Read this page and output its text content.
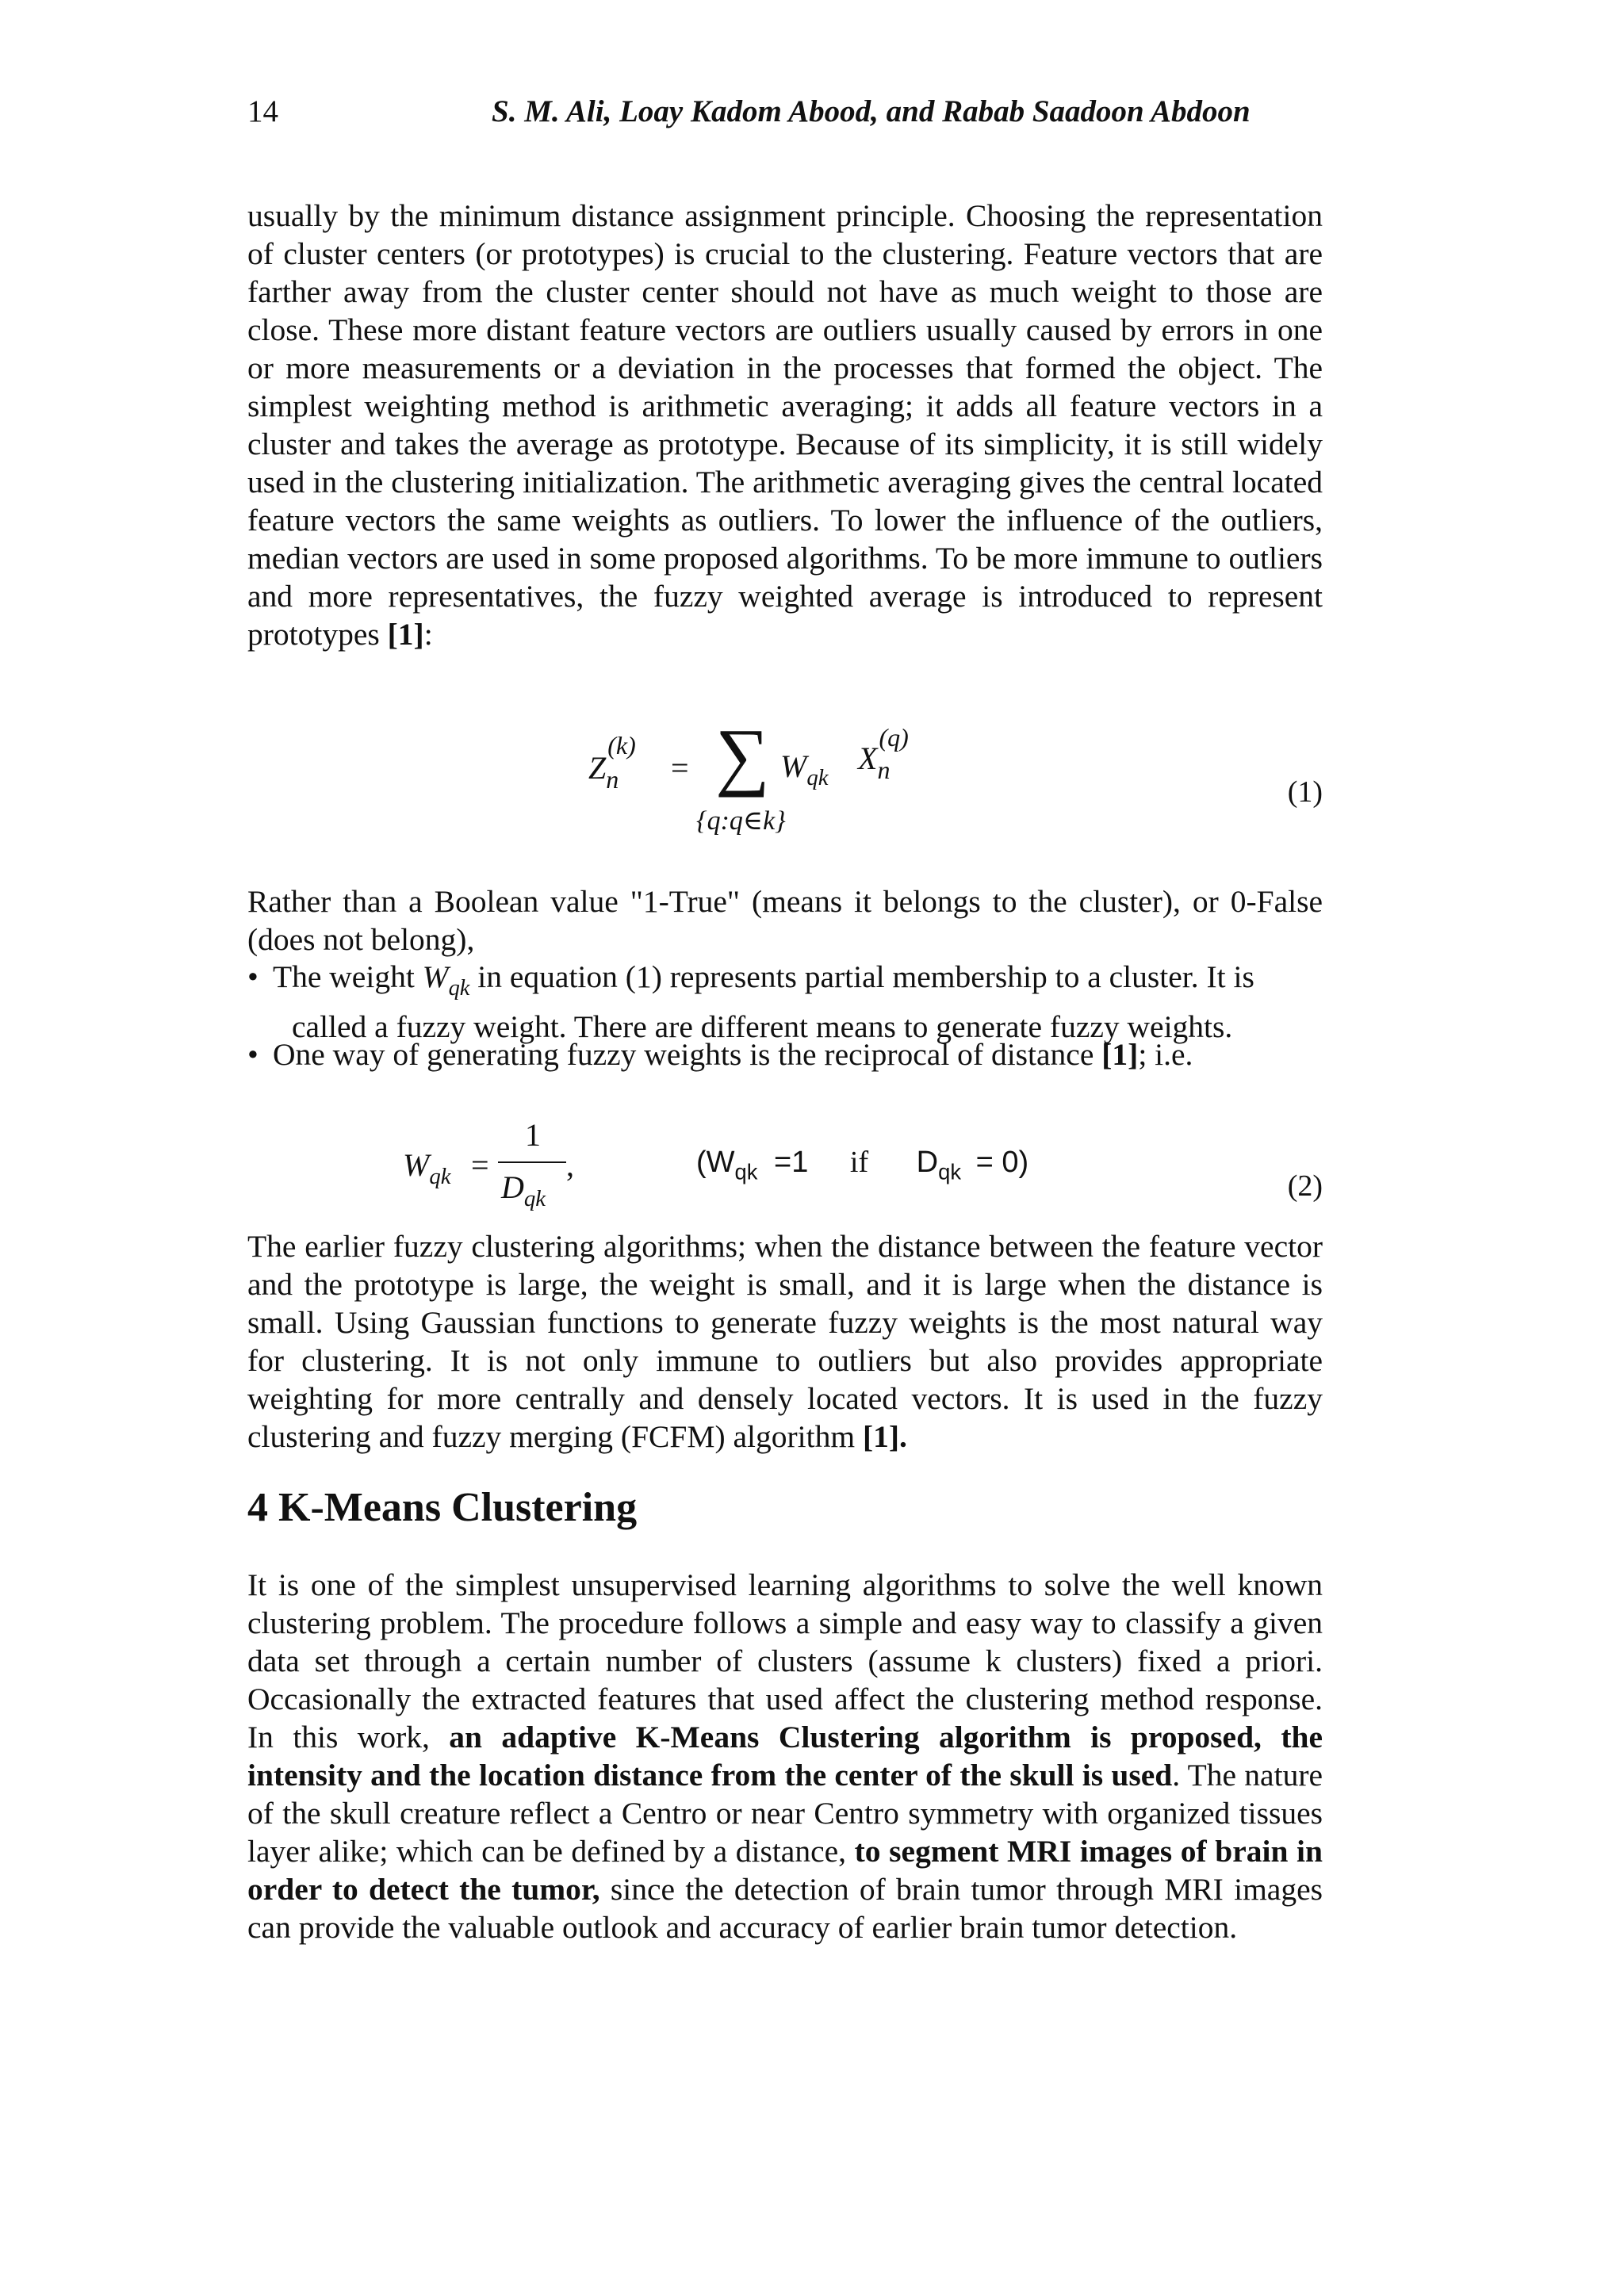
14	S. M. Ali, Loay Kadom Abood, and Rabab Saadoon Abdoon
usually by the minimum distance assignment principle. Choosing the representation of cluster centers (or prototypes) is crucial to the clustering. Feature vectors that are farther away from the cluster center should not have as much weight to those are close. These more distant feature vectors are outliers usually caused by errors in one or more measurements or a deviation in the processes that formed the object. The simplest weighting method is arithmetic averaging; it adds all feature vectors in a cluster and takes the average as prototype. Because of its simplicity, it is still widely used in the clustering initialization. The arithmetic averaging gives the central located feature vectors the same weights as outliers. To lower the influence of the outliers, median vectors are used in some proposed algorithms. To be more immune to outliers and more representatives, the fuzzy weighted average is introduced to represent prototypes [1]:
Z
(k)
$_n$ = ∑ $W_{qk}$
X
(q)
$_n$
{q:q∈k}
(1)
Rather than a Boolean value "1-True" (means it belongs to the cluster), or 0-False (does not belong),
• The weight $W_{qk}$ in equation (1) represents partial membership to a cluster. It is
called a fuzzy weight. There are different means to generate fuzzy weights.
• One way of generating fuzzy weights is the reciprocal of distance [1]; i.e.
$W_{qk}$ =
1
$D_{qk}$
,	($W_{qk} =1$ if $D_{qk} = 0$)
(2)
The earlier fuzzy clustering algorithms; when the distance between the feature vector and the prototype is large, the weight is small, and it is large when the distance is small. Using Gaussian functions to generate fuzzy weights is the most natural way for clustering. It is not only immune to outliers but also provides appropriate weighting for more centrally and densely located vectors. It is used in the fuzzy clustering and fuzzy merging (FCFM) algorithm [1].
4 K-Means Clustering
It is one of the simplest unsupervised learning algorithms to solve the well known clustering problem. The procedure follows a simple and easy way to classify a given data set through a certain number of clusters (assume k clusters) fixed a priori. Occasionally the extracted features that used affect the clustering method response. In this work, an adaptive K-Means Clustering algorithm is proposed, the intensity and the location distance from the center of the skull is used. The nature of the skull creature reflect a Centro or near Centro symmetry with organized tissues layer alike; which can be defined by a distance, to segment MRI images of brain in order to detect the tumor, since the detection of brain tumor through MRI images can provide the valuable outlook and accuracy of earlier brain tumor detection.
